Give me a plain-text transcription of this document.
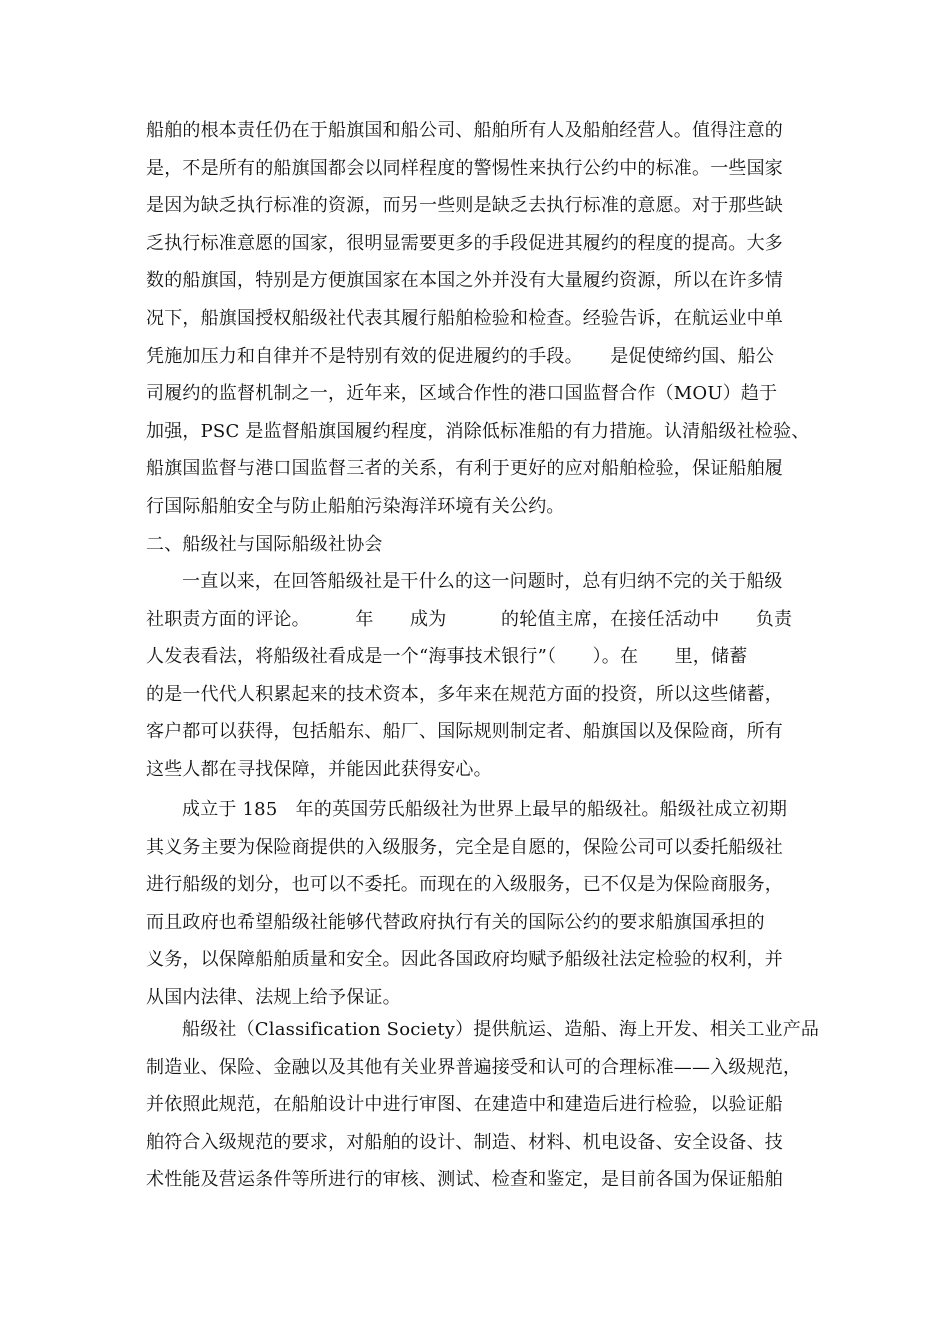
船舶的根本责任仍在于船旗国和船公司、船舶所有人及船舶经营人。值得注意的
是，不是所有的船旗国都会以同样程度的警惕性来执行公约中的标准。一些国家
是因为缺乏执行标准的资源，而另一些则是缺乏去执行标准的意愿。对于那些缺
乏执行标准意愿的国家，很明显需要更多的手段促进其履约的程度的提高。大多
数的船旗国，特别是方便旗国家在本国之外并没有大量履约资源，所以在许多情
况下，船旗国授权船级社代表其履行船舶检验和检查。经验告诉，在航运业中单
凭施加压力和自律并不是特别有效的促进履约的手段。　　是促使缔约国、船公
司履约的监督机制之一，近年来，区域合作性的港口国监督合作（MOU）趋于
加强，PSC 是监督船旗国履约程度，消除低标准船的有力措施。认清船级社检验、
船旗国监督与港口国监督三者的关系，有利于更好的应对船舶检验，保证船舶履
行国际船舶安全与防止船舶污染海洋环境有关公约。
二、船级社与国际船级社协会
一直以来，在回答船级社是干什么的这一问题时，总有归纳不完的关于船级
社职责方面的评论。　　　年　　成为　　　的轮值主席，在接任活动中　　负责
人发表看法，将船级社看成是一个“海事技术银行”（　　）。在　　里，储蓄
的是一代代人积累起来的技术资本，多年来在规范方面的投资，所以这些储蓄，
客户都可以获得，包括船东、船厂、国际规则制定者、船旗国以及保险商，所有
这些人都在寻找保障，并能因此获得安心。
成立于 185　年的英国劳氏船级社为世界上最早的船级社。船级社成立初期
其义务主要为保险商提供的入级服务，完全是自愿的，保险公司可以委托船级社
进行船级的划分，也可以不委托。而现在的入级服务，已不仅是为保险商服务，
而且政府也希望船级社能够代替政府执行有关的国际公约的要求船旗国承担的
义务，以保障船舶质量和安全。因此各国政府均赋予船级社法定检验的权利，并
从国内法律、法规上给予保证。
船级社（Classification Society）提供航运、造船、海上开发、相关工业产品
制造业、保险、金融以及其他有关业界普遍接受和认可的合理标准——入级规范，
并依照此规范，在船舶设计中进行审图、在建造中和建造后进行检验，以验证船
舶符合入级规范的要求，对船舶的设计、制造、材料、机电设备、安全设备、技
术性能及营运条件等所进行的审核、测试、检查和鉴定，是目前各国为保证船舶
